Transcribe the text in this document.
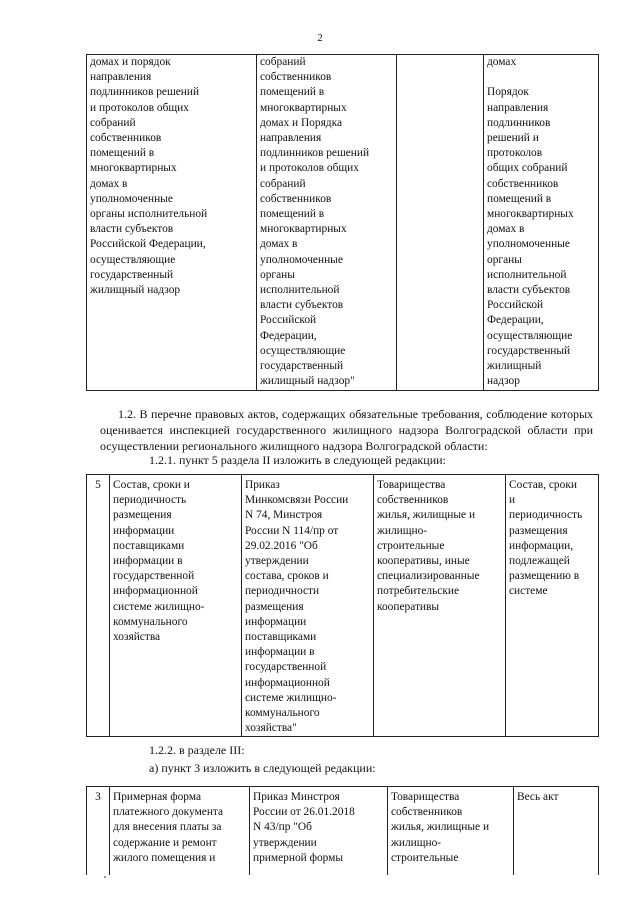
2
домах и порядок
направления
подлинников решений
и протоколов общих
собраний
собственников
помещений в
многоквартирных
домах в
уполномоченные
органы исполнительной
власти субъектов
Российской Федерации,
осуществляющие
государственный
жилищный надзор	собраний
собственников
помещений в
многоквартирных
домах и Порядка
направления
подлинников решений
и протоколов общих
собраний
собственников
помещений в
многоквартирных
домах в
уполномоченные
органы
исполнительной
власти субъектов
Российской
Федерации,
осуществляющие
государственный
жилищный надзор"		домах

Порядок
направления
подлинников
решений и
протоколов
общих собраний
собственников
помещений в
многоквартирных
домах в
уполномоченные
органы
исполнительной
власти субъектов
Российской
Федерации,
осуществляющие
государственный
жилищный
надзор
1.2. В перечне правовых актов, содержащих обязательные требования, соблюдение которых оценивается инспекцией государственного жилищного надзора Волгоградской области при осуществлении регионального жилищного надзора Волгоградской области:
1.2.1. пункт 5 раздела II изложить в следующей редакции:
5	Состав, сроки и
периодичность
размещения
информации
поставщиками
информации в
государственной
информационной
системе жилищно-
коммунального
хозяйства	Приказ
Минкомсвязи России
N 74, Минстроя
России N 114/пр от
29.02.2016 "Об
утверждении
состава, сроков и
периодичности
размещения
информации
поставщиками
информации в
государственной
информационной
системе жилищно-
коммунального
хозяйства"	Товарищества
собственников
жилья, жилищные и
жилищно-
строительные
кооперативы, иные
специализированные
потребительские
кооперативы	Состав, сроки
и
периодичность
размещения
информации,
подлежащей
размещению в
системе
1.2.2. в разделе III:
а) пункт 3 изложить в следующей редакции:
3	Примерная форма
платежного документа
для внесения платы за
содержание и ремонт
жилого помещения и	Приказ Минстроя
России от 26.01.2018
N 43/пр "Об
утверждении
примерной формы	Товарищества
собственников
жилья, жилищные и
жилищно-
строительные	Весь акт
